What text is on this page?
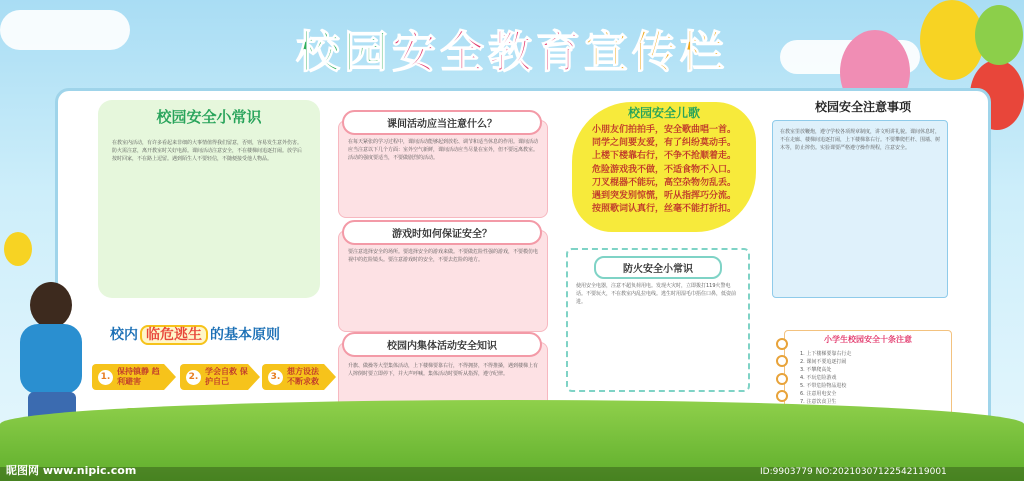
校园安全教育宣传栏
校园安全小常识
在教室内活动，有许多看起来非细的大事情值得我们留意，否则，容易发生意外伤害。防火需注意，离开教室时关好电源。课间活动注意安全，不在楼梯间追逐打闹。放学后按时回家，不在路上逗留。遇到陌生人不要轻信，不随便接受他人物品。
校内 临危逃生 的基本原则
1.
保持镇静 趋利避害	2.
学会自救 保护自己	3.
想方设法 不断求救
课间活动应当注意什么？
在每天紧张的学习过程中，课间活动能够起到放松、调节和适当休息的作用。课间活动应当注意以下几个方面：室外空气新鲜，课间活动应当尽量在室外，但不要远离教室。活动的强度要适当，不要做剧烈的活动。
游戏时如何保证安全？
要注意选择安全的场所。要选择安全的游戏来做。不要做危险性强的游戏，不要模仿电视中的危险镜头。要注意游戏时的安全，不要去危险的地方。
校园内集体活动安全知识
升旗、做操等大型集体活动，上下楼梯要靠右行，不得拥挤，不得推搡，遇到楼梯上有人摔倒时要立即停下，并大声呼喊。集体活动时要听从指挥，遵守纪律。
校园安全儿歌
小朋友们拍拍手，安全歌曲唱一首。
同学之间要友爱，有了纠纷莫动手。
上楼下楼靠右行，不争不抢顺着走。
危险游戏我不做，不适食物不入口。
刀叉棍器不能玩，高空杂物勿乱丢。
遇到突发别惊慌，听从指挥巧分流。
按照歌词认真行，丝毫不能打折扣。
防火安全小常识
使用安全电器，注意不超负荷用电。发现火灾时，立即拨打119火警电话。不要玩火，不在教室内乱拉电线。逃生时用湿毛巾捂住口鼻，低姿前进。
校园安全注意事项
在教室里放鞭炮，遵守学校各项规章制度，讲文明讲礼貌。课间休息时，不在走廊、楼梯间追逐打闹，上下楼梯靠右行。不要攀爬栏杆、围墙、树木等，防止摔伤。实验课要严格遵守操作规程，注意安全。
小学生校园安全十条注意
1. 上下楼梯要靠右行走
2. 课间不要追逐打闹
3. 不攀爬高处
4. 不玩危险游戏
5. 不带危险物品进校
6. 注意用电安全
7. 注意饮食卫生
昵图网 www.nipic.com	ID:9903779 NO:20210307122542119001
